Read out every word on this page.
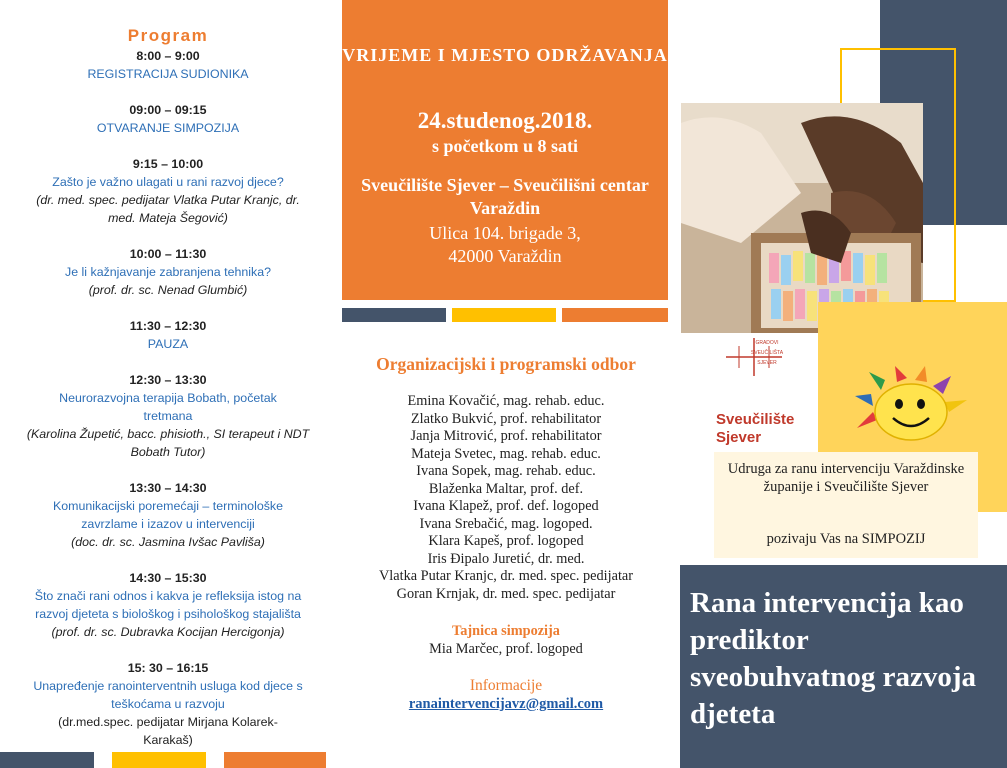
Program
8:00 – 9:00
REGISTRACIJA SUDIONIKA
09:00 – 09:15
OTVARANJE SIMPOZIJA
9:15 – 10:00
Zašto je važno ulagati u rani razvoj djece?
(dr. med. spec. pedijatar Vlatka Putar Kranjc, dr. med. Mateja Šegović)
10:00 – 11:30
Je li kažnjavanje zabranjena tehnika?
(prof. dr. sc. Nenad Glumbić)
11:30 – 12:30
PAUZA
12:30 – 13:30
Neurorazvojna terapija Bobath, početak tretmana
(Karolina Župetić, bacc. phisioth., SI terapeut i NDT Bobath Tutor)
13:30 – 14:30
Komunikacijski poremećaji – terminološke zavrzlame i izazov u intervenciji
(doc. dr. sc. Jasmina Ivšac Pavliša)
14:30 – 15:30
Što znači rani odnos i kakva je refleksija istog na razvoj djeteta s biološkog i psihološkog stajališta
(prof. dr. sc. Dubravka Kocijan Hercigonja)
15: 30 – 16:15
Unapređenje ranointerventnih usluga kod djece s teškoćama u razvoju
(dr.med.spec. pedijatar Mirjana Kolarek-Karakaš)
VRIJEME I MJESTO ODRŽAVANJA
24.studenog.2018.
s početkom u 8 sati
Sveučilište Sjever – Sveučilišni centar Varaždin
Ulica 104. brigade 3,
42000 Varaždin
Organizacijski i programski odbor
Emina Kovačić, mag. rehab. educ.
Zlatko Bukvić, prof. rehabilitator
Janja Mitrović, prof. rehabilitator
Mateja Svetec, mag. rehab. educ.
Ivana Sopek, mag. rehab. educ.
Blaženka Maltar, prof. def.
Ivana Klapež, prof. def. logoped
Ivana Srebačić, mag. logoped.
Klara Kapeš, prof. logoped
Iris Đipalo Juretić, dr. med.
Vlatka Putar Kranjc, dr. med. spec. pedijatar
Goran Krnjak, dr. med. spec. pedijatar
Tajnica simpozija
Mia Marčec, prof. logoped
Informacije
ranaintervencijavz@gmail.com
GRADOVI
SVEUČILIŠTA
SJEVER
Sveučilište Sjever
Udruga za ranu intervenciju Varaždinske županije i Sveučilište Sjever
pozivaju Vas na SIMPOZIJ
Rana intervencija kao prediktor sveobuhvatnog razvoja djeteta
